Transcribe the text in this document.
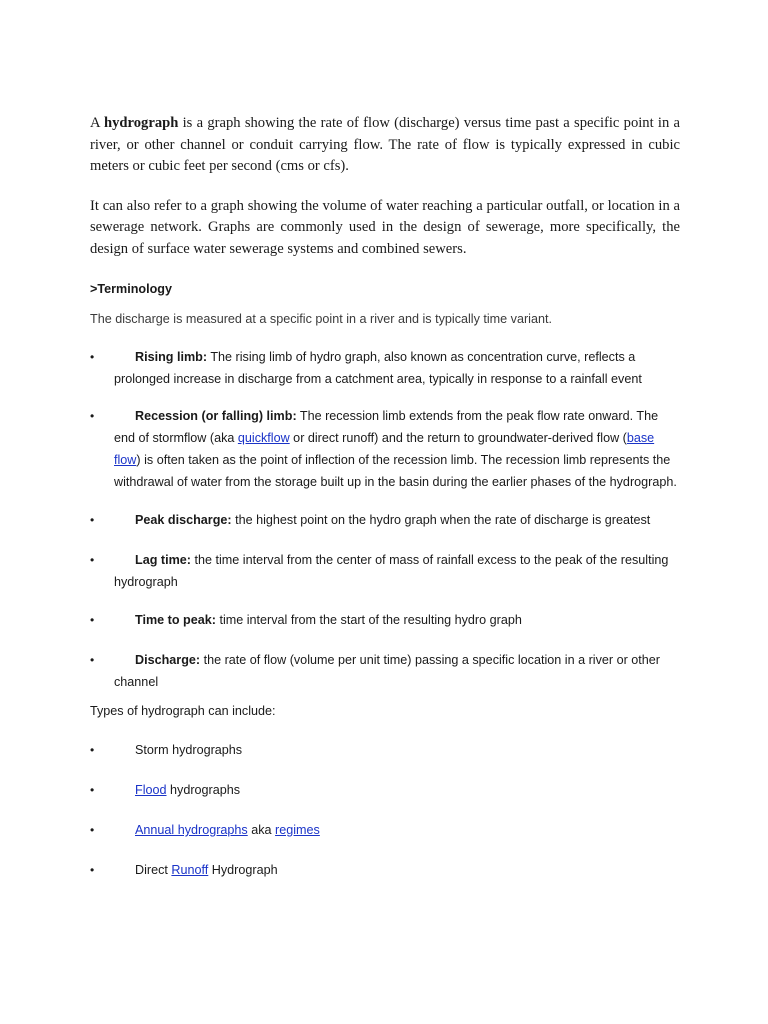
A hydrograph is a graph showing the rate of flow (discharge) versus time past a specific point in a river, or other channel or conduit carrying flow. The rate of flow is typically expressed in cubic meters or cubic feet per second (cms or cfs).

It can also refer to a graph showing the volume of water reaching a particular outfall, or location in a sewerage network. Graphs are commonly used in the design of sewerage, more specifically, the design of surface water sewerage systems and combined sewers.

>Terminology

The discharge is measured at a specific point in a river and is typically time variant.

•	Rising limb: The rising limb of hydro graph, also known as concentration curve, reflects a prolonged increase in discharge from a catchment area, typically in response to a rainfall event
•	Recession (or falling) limb: The recession limb extends from the peak flow rate onward. The end of stormflow (aka quickflow or direct runoff) and the return to groundwater-derived flow (base flow) is often taken as the point of inflection of the recession limb. The recession limb represents the withdrawal of water from the storage built up in the basin during the earlier phases of the hydrograph.
•	Peak discharge: the highest point on the hydro graph when the rate of discharge is greatest
•	Lag time: the time interval from the center of mass of rainfall excess to the peak of the resulting hydrograph
•	Time to peak: time interval from the start of the resulting hydro graph
•	Discharge: the rate of flow (volume per unit time) passing a specific location in a river or other channel

Types of hydrograph can include:

•	Storm hydrographs
•	Flood hydrographs
•	Annual hydrographs aka regimes
•	Direct Runoff Hydrograph
